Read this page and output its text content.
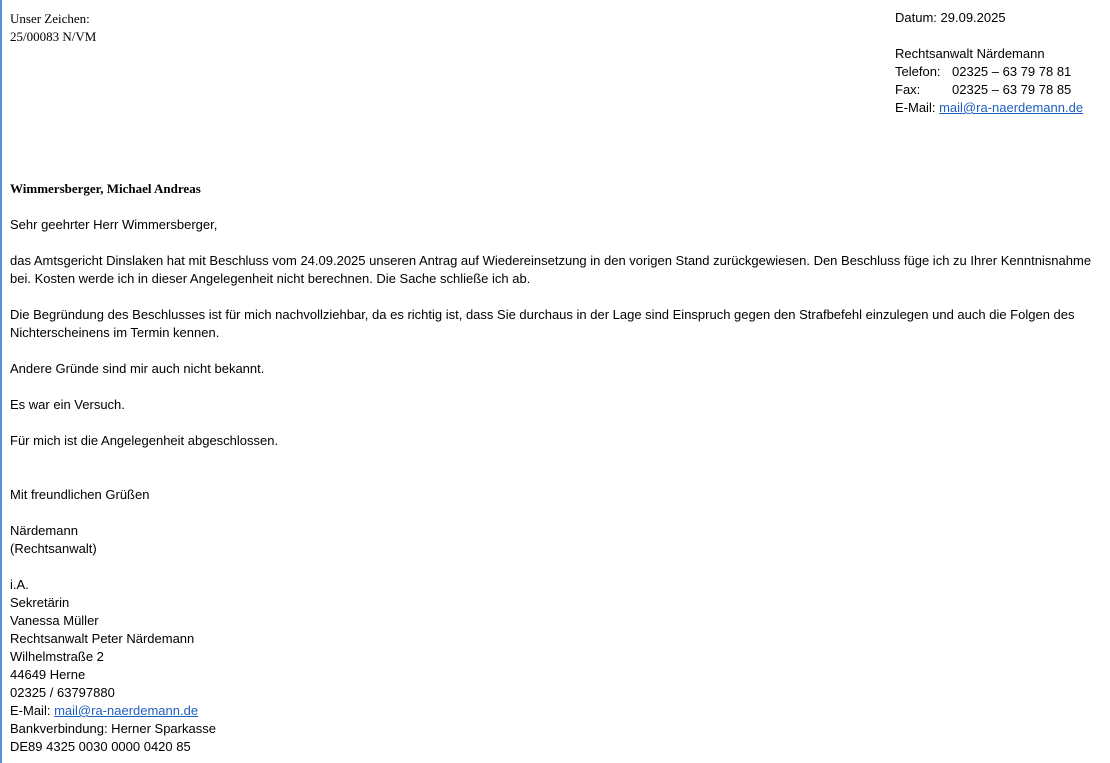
Unser Zeichen:
25/00083 N/VM
Datum: 29.09.2025
Rechtsanwalt Närdemann
Telefon: 02325 – 63 79 78 81
Fax:	02325 – 63 79 78 85
E-Mail:
mail@ra-naerdemann.de

Wimmersberger, Michael Andreas

Sehr geehrter Herr Wimmersberger,

das Amtsgericht Dinslaken hat mit Beschluss vom 24.09.2025 unseren Antrag auf Wiedereinsetzung in den vorigen Stand zurückgewiesen. Den Beschluss füge ich zu Ihrer Kenntnisnahme bei. Kosten werde ich in dieser Angelegenheit nicht berechnen. Die Sache schließe ich ab.

Die Begründung des Beschlusses ist für mich nachvollziehbar, da es richtig ist, dass Sie durchaus in der Lage sind Einspruch gegen den Strafbefehl einzulegen und auch die Folgen des Nichterscheinens im Termin kennen.

Andere Gründe sind mir auch nicht bekannt.

Es war ein Versuch.

Für mich ist die Angelegenheit abgeschlossen.

Mit freundlichen Grüßen

Närdemann

(Rechtsanwalt)

i.A.

Sekretärin

Vanessa Müller

Rechtsanwalt Peter Närdemann

Wilhelmstraße 2

44649 Herne

02325 / 63797880

E-Mail: mail@ra-naerdemann.de

Bankverbindung: Herner Sparkasse

DE89 4325 0030 0000 0420 85
